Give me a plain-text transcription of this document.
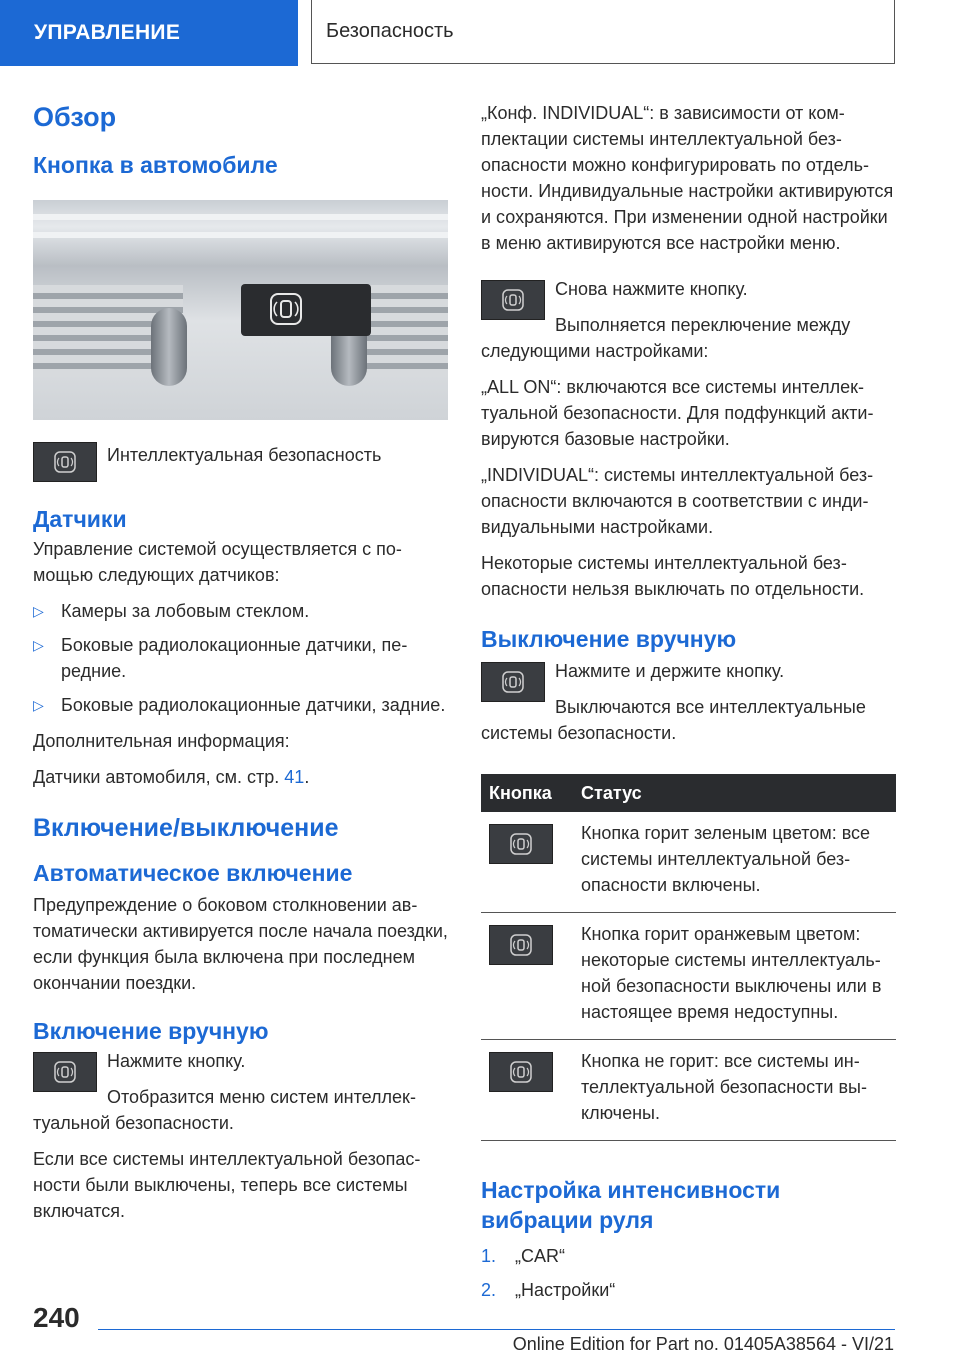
УПРАВЛЕНИЕ	Безопасность
Обзор
Кнопка в автомобиле

Интеллектуальная безопасность

Датчики

Управление системой осуществляется с помощью следующих датчиков:

▷ Камеры за лобовым стеклом.
▷ Боковые радиолокационные датчики, передние.
▷ Боковые радиолокационные датчики, задние.

Дополнительная информация:

Датчики автомобиля, см. стр. 41.

Включение/выключение
Автоматическое включение

Предупреждение о боковом столкновении автоматически активируется после начала поездки, если функция была включена при последнем окончании поездки.

Включение вручную

Нажмите кнопку.

Отобразится меню систем интеллектуальной безопасности.

Если все системы интеллектуальной безопасности были выключены, теперь все системы включатся.

„Конф. INDIVIDUAL“: в зависимости от комплектации системы интеллектуальной безопасности можно конфигурировать по отдельности. Индивидуальные настройки активируются и сохраняются. При изменении одной настройки в меню активируются все настройки меню.

Снова нажмите кнопку.

Выполняется переключение между следующими настройками:

„ALL ON“: включаются все системы интеллектуальной безопасности. Для подфункций активируются базовые настройки.

„INDIVIDUAL“: системы интеллектуальной безопасности включаются в соответствии с индивидуальными настройками.

Некоторые системы интеллектуальной безопасности нельзя выключать по отдельности.

Выключение вручную

Нажмите и держите кнопку.

Выключаются все интеллектуальные системы безопасности.

Кнопка	Статус

	Кнопка горит зеленым цветом: все системы интеллектуальной безопасности включены.

	Кнопка горит оранжевым цветом: некоторые системы интеллектуальной безопасности выключены или в настоящее время недоступны.

	Кнопка не горит: все системы интеллектуальной безопасности выключены.
Настройка интенсивности вибрации руля
1. „CAR“
2. „Настройки“
240
Online Edition for Part no. 01405A38564 - VI/21
